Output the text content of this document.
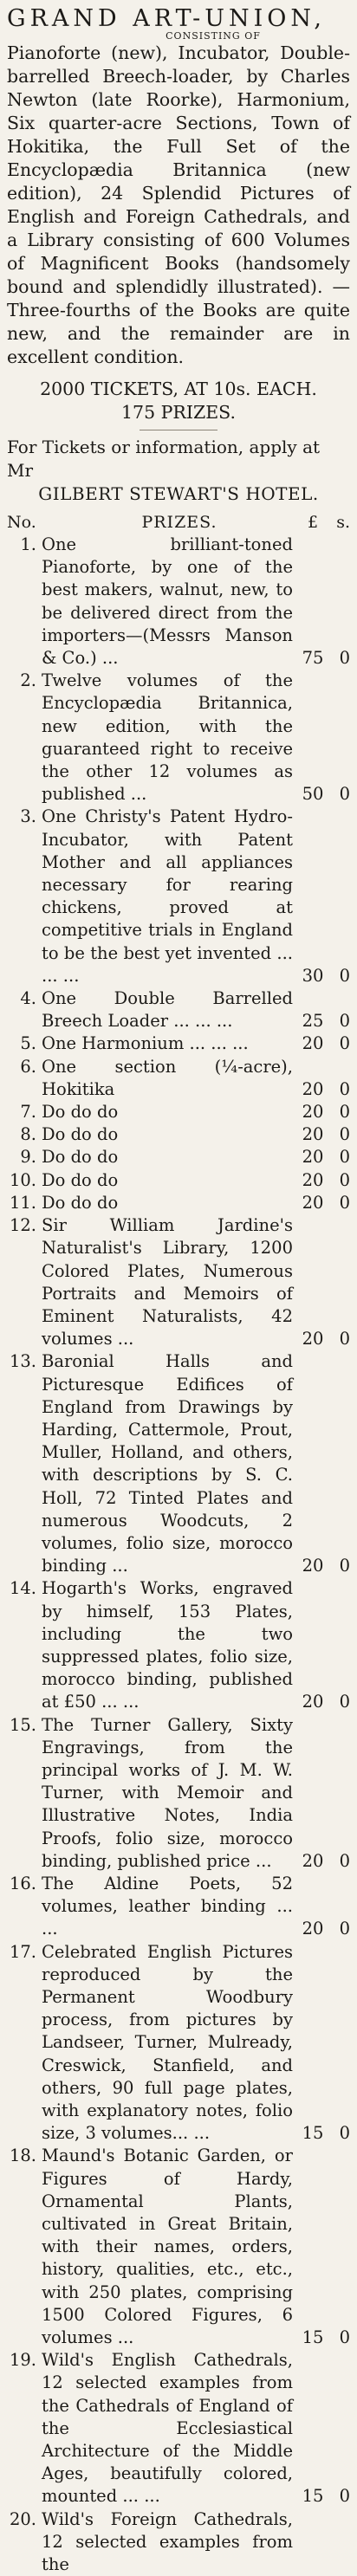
GRAND ART-UNION,

CONSISTING OF

Pianoforte (new), Incubator, Double-barrelled Breech-loader, by Charles Newton (late Roorke), Harmonium, Six quarter-acre Sections, Town of Hokitika, the Full Set of the Encyclopædia Britannica (new edition), 24 Splendid Pictures of English and Foreign Cathedrals, and a Library consisting of 600 Volumes of Magnificent Books (handsomely bound and splendidly illustrated). — Three-fourths of the Books are quite new, and the remainder are in excellent condition.

2000 TICKETS, AT 10s. EACH.

175 PRIZES.

For Tickets or information, apply at Mr

GILBERT STEWART'S HOTEL.

No.	PRIZES.	£	s.
1. One brilliant-toned Pianoforte, by one of the best makers, walnut, new, to be delivered direct from the importers—(Messrs Manson & Co.) ...	75 0
2. Twelve volumes of the Encyclopædia Britannica, new edition, with the guaranteed right to receive the other 12 volumes as published ...	50 0
3. One Christy's Patent Hydro-Incubator, with Patent Mother and all appliances necessary for rearing chickens, proved at competitive trials in England to be the best yet invented ... ... ...	30 0
4. One Double Barrelled Breech Loader ... ... ...	25 0
5. One Harmonium ... ... ...	20 0
6. One section (¼-acre), Hokitika	20 0
7. Do do do	20 0
8. Do do do	20 0
9. Do do do	20 0
10. Do do do	20 0
11. Do do do	20 0
12. Sir William Jardine's Naturalist's Library, 1200 Colored Plates, Numerous Portraits and Memoirs of Eminent Naturalists, 42 volumes ...	20 0
13. Baronial Halls and Picturesque Edifices of England from Drawings by Harding, Cattermole, Prout, Muller, Holland, and others, with descriptions by S. C. Holl, 72 Tinted Plates and numerous Woodcuts, 2 volumes, folio size, morocco binding ...	20 0
14. Hogarth's Works, engraved by himself, 153 Plates, including the two suppressed plates, folio size, morocco binding, published at £50 ... ...	20 0
15. The Turner Gallery, Sixty Engravings, from the principal works of J. M. W. Turner, with Memoir and Illustrative Notes, India Proofs, folio size, morocco binding, published price ...	20 0
16. The Aldine Poets, 52 volumes, leather binding ... ...	20 0
17. Celebrated English Pictures reproduced by the Permanent Woodbury process, from pictures by Landseer, Turner, Mulready, Creswick, Stanfield, and others, 90 full page plates, with explanatory notes, folio size, 3 volumes... ...	15 0
18. Maund's Botanic Garden, or Figures of Hardy, Ornamental Plants, cultivated in Great Britain, with their names, orders, history, qualities, etc., etc., with 250 plates, comprising 1500 Colored Figures, 6 volumes ...	15 0
19. Wild's English Cathedrals, 12 selected examples from the Cathedrals of England of the Ecclesiastical Architecture of the Middle Ages, beautifully colored, mounted ... ...	15 0
20. Wild's Foreign Cathedrals, 12 selected examples from the
